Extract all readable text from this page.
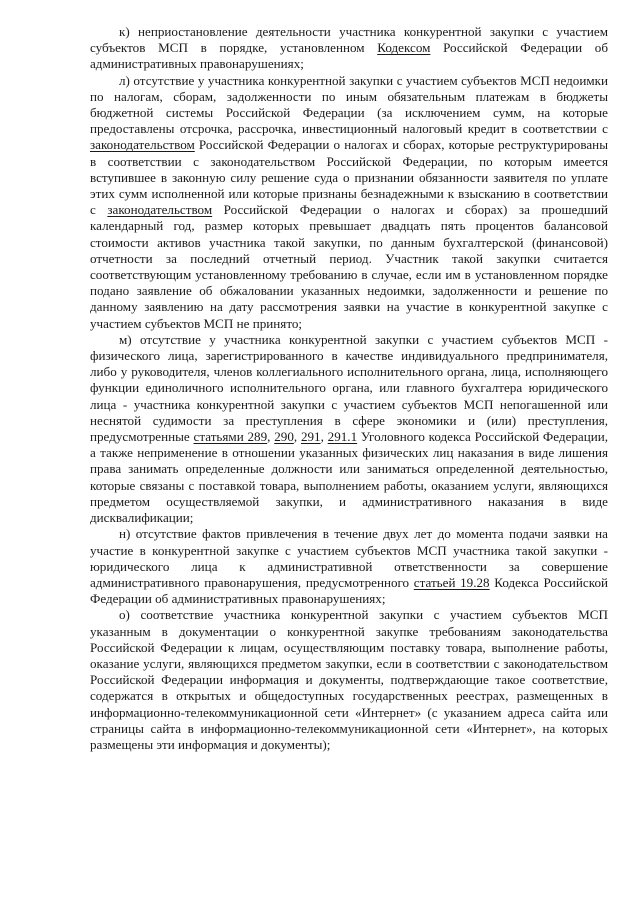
к) неприостановление деятельности участника конкурентной закупки с участием субъектов МСП в порядке, установленном Кодексом Российской Федерации об административных правонарушениях;

л) отсутствие у участника конкурентной закупки с участием субъектов МСП недоимки по налогам, сборам, задолженности по иным обязательным платежам в бюджеты бюджетной системы Российской Федерации (за исключением сумм, на которые предоставлены отсрочка, рассрочка, инвестиционный налоговый кредит в соответствии с законодательством Российской Федерации о налогах и сборах, которые реструктурированы в соответствии с законодательством Российской Федерации, по которым имеется вступившее в законную силу решение суда о признании обязанности заявителя по уплате этих сумм исполненной или которые признаны безнадежными к взысканию в соответствии с законодательством Российской Федерации о налогах и сборах) за прошедший календарный год, размер которых превышает двадцать пять процентов балансовой стоимости активов участника такой закупки, по данным бухгалтерской (финансовой) отчетности за последний отчетный период. Участник такой закупки считается соответствующим установленному требованию в случае, если им в установленном порядке подано заявление об обжаловании указанных недоимки, задолженности и решение по данному заявлению на дату рассмотрения заявки на участие в конкурентной закупке с участием субъектов МСП не принято;

м) отсутствие у участника конкурентной закупки с участием субъектов МСП - физического лица, зарегистрированного в качестве индивидуального предпринимателя, либо у руководителя, членов коллегиального исполнительного органа, лица, исполняющего функции единоличного исполнительного органа, или главного бухгалтера юридического лица - участника конкурентной закупки с участием субъектов МСП непогашенной или неснятой судимости за преступления в сфере экономики и (или) преступления, предусмотренные статьями 289, 290, 291, 291.1 Уголовного кодекса Российской Федерации, а также неприменение в отношении указанных физических лиц наказания в виде лишения права занимать определенные должности или заниматься определенной деятельностью, которые связаны с поставкой товара, выполнением работы, оказанием услуги, являющихся предметом осуществляемой закупки, и административного наказания в виде дисквалификации;

н) отсутствие фактов привлечения в течение двух лет до момента подачи заявки на участие в конкурентной закупке с участием субъектов МСП участника такой закупки - юридического лица к административной ответственности за совершение административного правонарушения, предусмотренного статьей 19.28 Кодекса Российской Федерации об административных правонарушениях;

о) соответствие участника конкурентной закупки с участием субъектов МСП указанным в документации о конкурентной закупке требованиям законодательства Российской Федерации к лицам, осуществляющим поставку товара, выполнение работы, оказание услуги, являющихся предметом закупки, если в соответствии с законодательством Российской Федерации информация и документы, подтверждающие такое соответствие, содержатся в открытых и общедоступных государственных реестрах, размещенных в информационно-телекоммуникационной сети «Интернет» (с указанием адреса сайта или страницы сайта в информационно-телекоммуникационной сети «Интернет», на которых размещены эти информация и документы);
